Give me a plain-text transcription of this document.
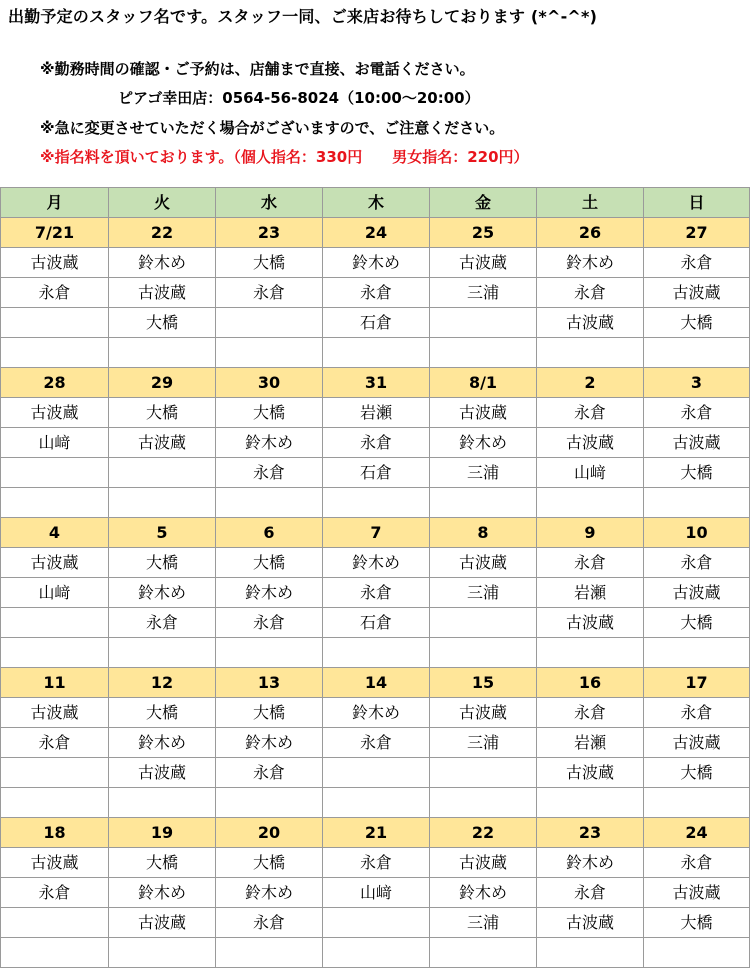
出勤予定のスタッフ名です。スタッフ一同、ご来店お待ちしております (*^-^*)
※勤務時間の確認・ご予約は、店舗まで直接、お電話ください。
ピアゴ幸田店：0564-56-8024（10:00～20:00）
※急に変更させていただく場合がございますので、ご注意ください。
※指名料を頂いております。（個人指名：330円　　男女指名：220円）
月	火	水	木	金	土	日
7/21	22	23	24	25	26	27
古波蔵	鈴木め	大橋	鈴木め	古波蔵	鈴木め	永倉
永倉	古波蔵	永倉	永倉	三浦	永倉	古波蔵
	大橋		石倉		古波蔵	大橋

28	29	30	31	8/1	2	3
古波蔵	大橋	大橋	岩瀬	古波蔵	永倉	永倉
山﨑	古波蔵	鈴木め	永倉	鈴木め	古波蔵	古波蔵
		永倉	石倉	三浦	山﨑	大橋

4	5	6	7	8	9	10
古波蔵	大橋	大橋	鈴木め	古波蔵	永倉	永倉
山﨑	鈴木め	鈴木め	永倉	三浦	岩瀬	古波蔵
	永倉	永倉	石倉		古波蔵	大橋

11	12	13	14	15	16	17
古波蔵	大橋	大橋	鈴木め	古波蔵	永倉	永倉
永倉	鈴木め	鈴木め	永倉	三浦	岩瀬	古波蔵
	古波蔵	永倉			古波蔵	大橋

18	19	20	21	22	23	24
古波蔵	大橋	大橋	永倉	古波蔵	鈴木め	永倉
永倉	鈴木め	鈴木め	山﨑	鈴木め	永倉	古波蔵
	古波蔵	永倉		三浦	古波蔵	大橋
